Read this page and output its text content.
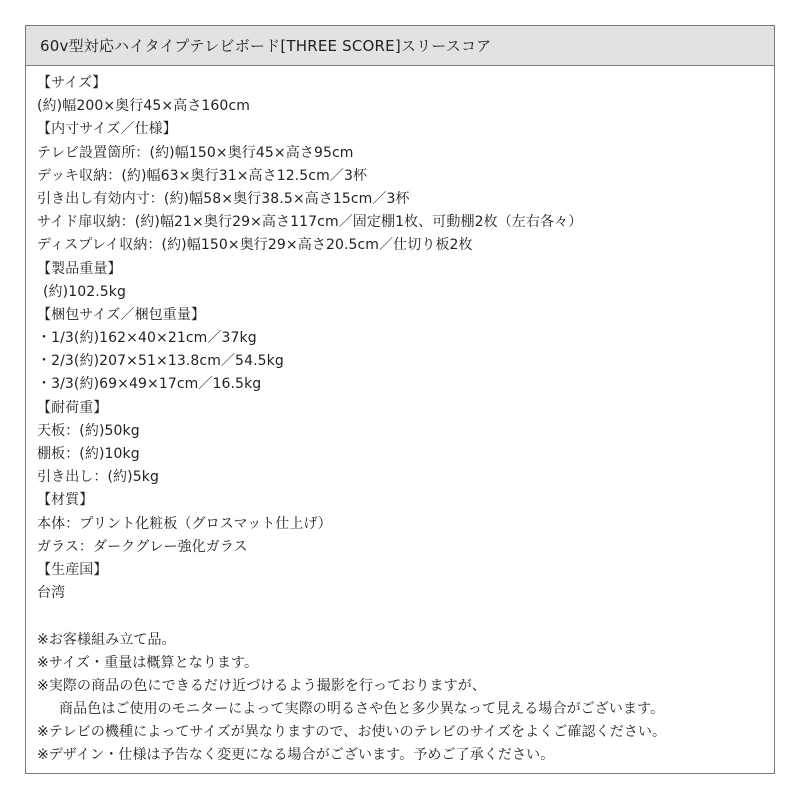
60v型対応ハイタイプテレビボード[THREE SCORE]スリースコア
【サイズ】
(約)幅200×奥行45×高さ160cm
【内寸サイズ／仕様】
テレビ設置箇所：(約)幅150×奥行45×高さ95cm
デッキ収納：(約)幅63×奥行31×高さ12.5cm／3杯
引き出し有効内寸：(約)幅58×奥行38.5×高さ15cm／3杯
サイド扉収納：(約)幅21×奥行29×高さ117cm／固定棚1枚、可動棚2枚（左右各々）
ディスプレイ収納：(約)幅150×奥行29×高さ20.5cm／仕切り板2枚
【製品重量】
(約)102.5kg
【梱包サイズ／梱包重量】
・1/3(約)162×40×21cm／37kg
・2/3(約)207×51×13.8cm／54.5kg
・3/3(約)69×49×17cm／16.5kg
【耐荷重】
天板：(約)50kg
棚板：(約)10kg
引き出し：(約)5kg
【材質】
本体：プリント化粧板（グロスマット仕上げ）
ガラス：ダークグレー強化ガラス
【生産国】
台湾
※お客様組み立て品。
※サイズ・重量は概算となります。
※実際の商品の色にできるだけ近づけるよう撮影を行っておりますが、
商品色はご使用のモニターによって実際の明るさや色と多少異なって見える場合がございます。
※テレビの機種によってサイズが異なりますので、お使いのテレビのサイズをよくご確認ください。
※デザイン・仕様は予告なく変更になる場合がございます。予めご了承ください。
